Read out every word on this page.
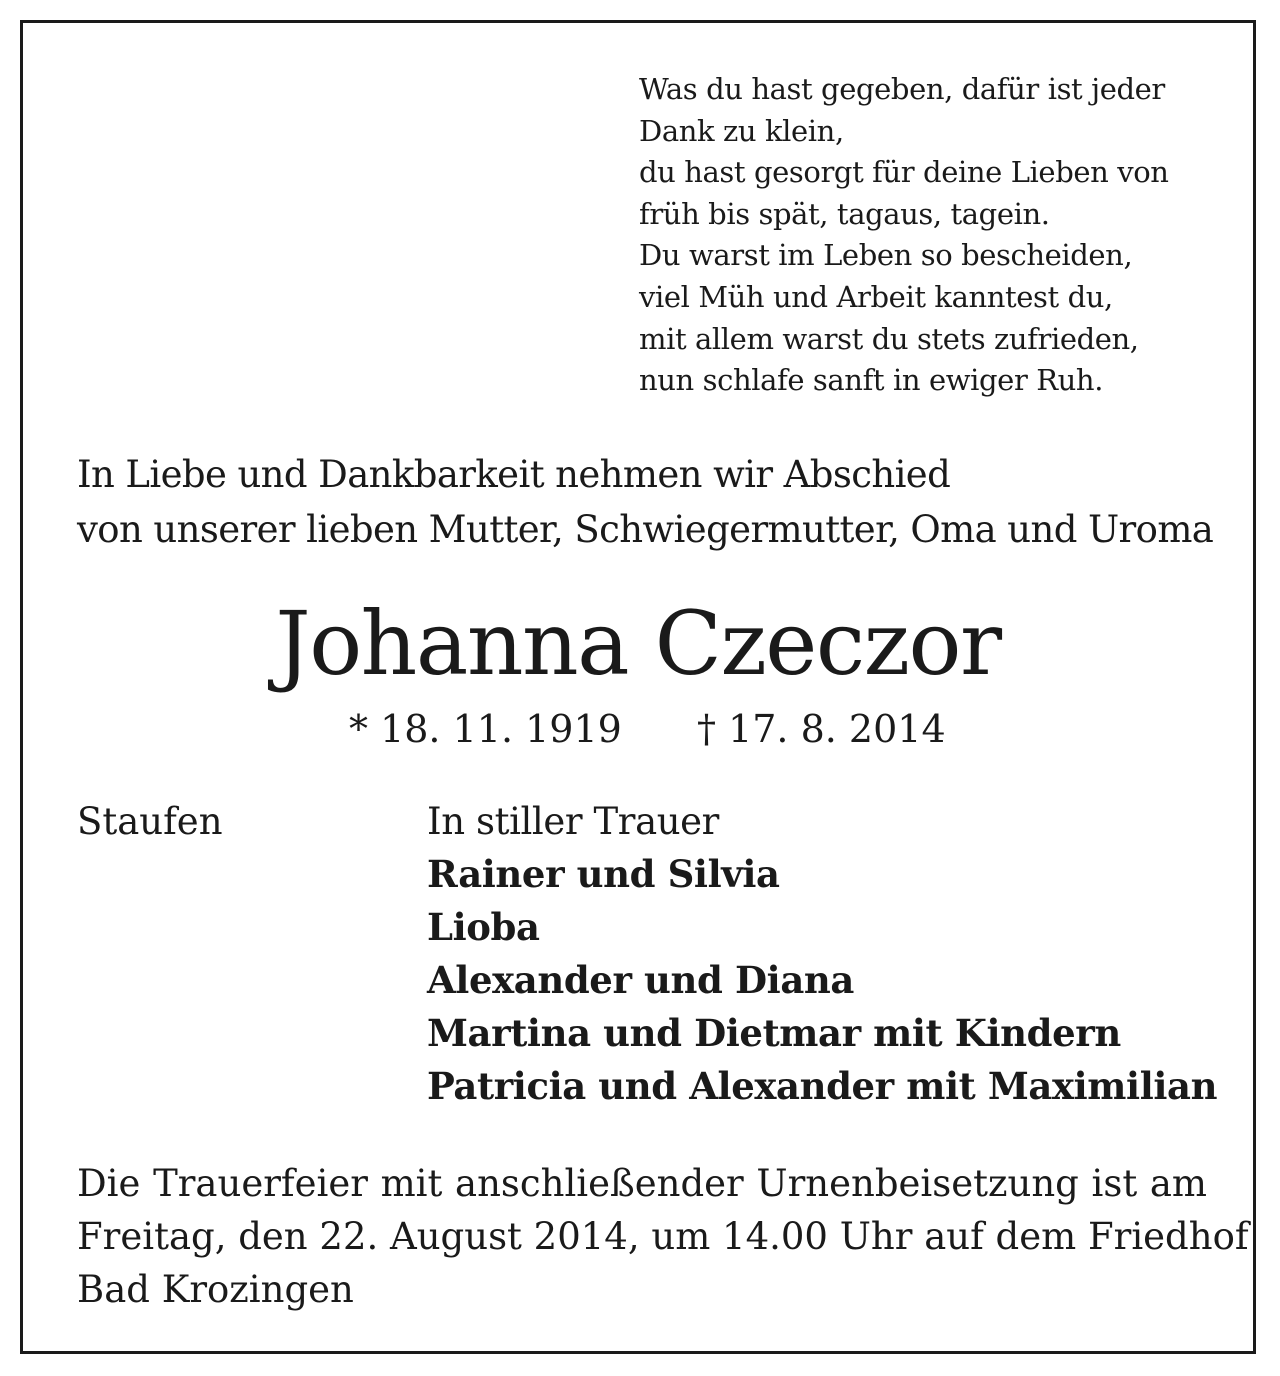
Was du hast gegeben, dafür ist jeder
Dank zu klein,
du hast gesorgt für deine Lieben von
früh bis spät, tagaus, tagein.
Du warst im Leben so bescheiden,
viel Müh und Arbeit kanntest du,
mit allem warst du stets zufrieden,
nun schlafe sanft in ewiger Ruh.
In Liebe und Dankbarkeit nehmen wir Abschied
von unserer lieben Mutter, Schwiegermutter, Oma und Uroma
Johanna Czeczor
* 18. 11. 1919 † 17. 8. 2014
Staufen	In stiller Trauer
Rainer und Silvia
Lioba
Alexander und Diana
Martina und Dietmar mit Kindern
Patricia und Alexander mit Maximilian
Die Trauerfeier mit anschließender Urnenbeisetzung ist am
Freitag, den 22. August 2014, um 14.00 Uhr auf dem Friedhof
Bad Krozingen
